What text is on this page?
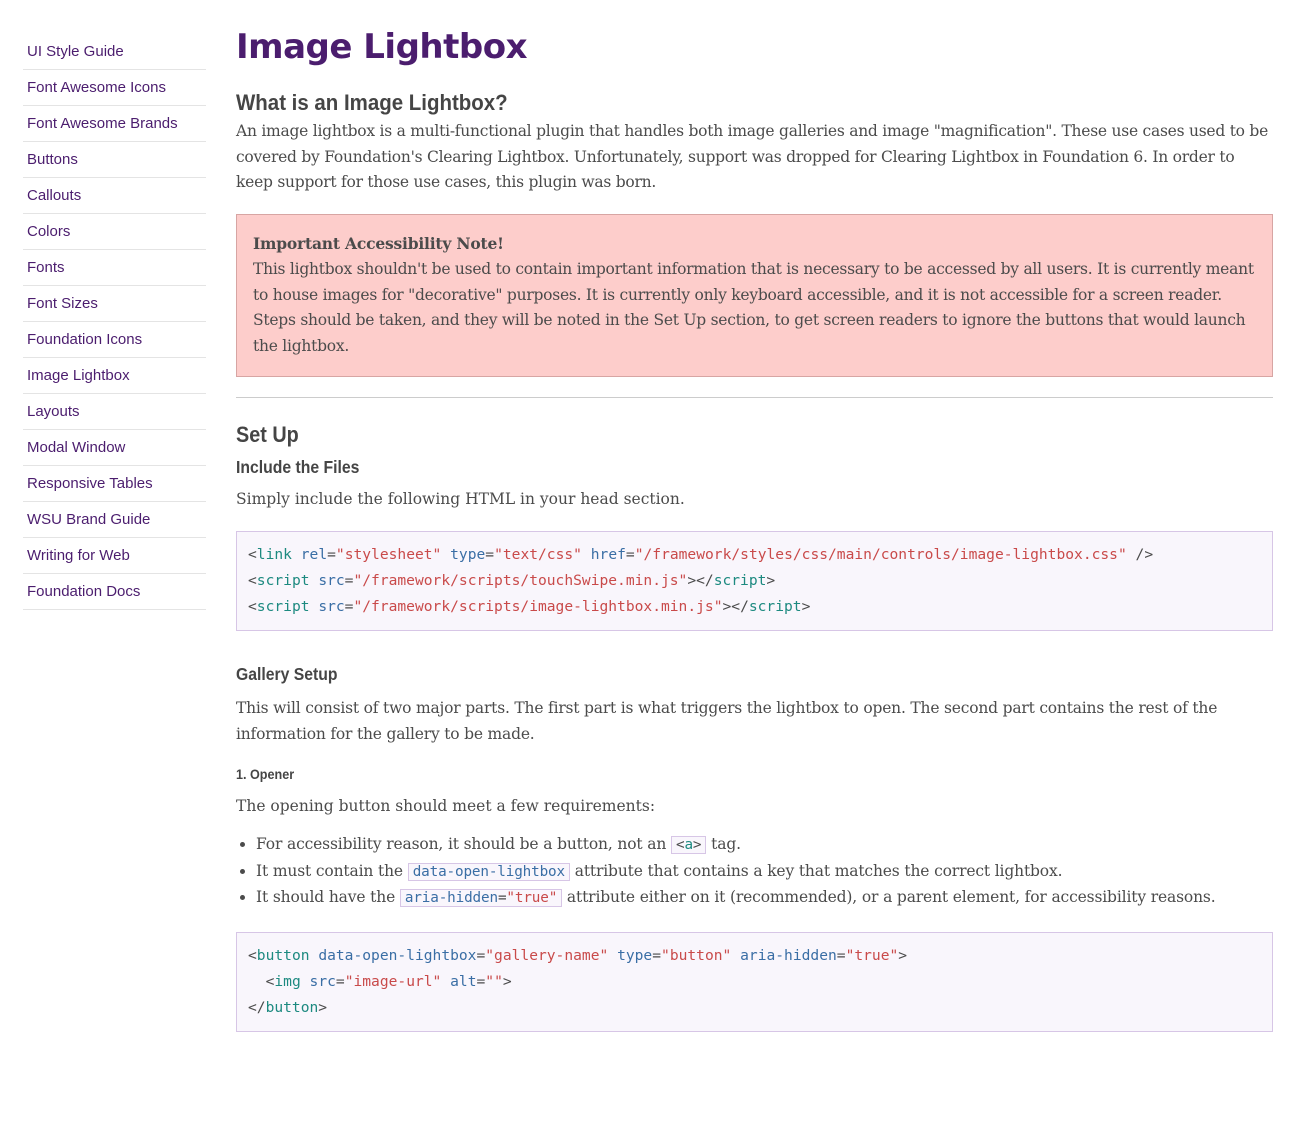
UI Style Guide
Font Awesome Icons
Font Awesome Brands
Buttons
Callouts
Colors
Fonts
Font Sizes
Foundation Icons
Image Lightbox
Layouts
Modal Window
Responsive Tables
WSU Brand Guide
Writing for Web
Foundation Docs
Image Lightbox
What is an Image Lightbox?

An image lightbox is a multi-functional plugin that handles both image galleries and image "magnification". These use cases used to be covered by Foundation's Clearing Lightbox. Unfortunately, support was dropped for Clearing Lightbox in Foundation 6. In order to keep support for those use cases, this plugin was born.

Important Accessibility Note!

This lightbox shouldn't be used to contain important information that is necessary to be accessed by all users. It is currently meant to house images for "decorative" purposes. It is currently only keyboard accessible, and it is not accessible for a screen reader. Steps should be taken, and they will be noted in the Set Up section, to get screen readers to ignore the buttons that would launch the lightbox.

Set Up
Include the Files

Simply include the following HTML in your head section.

<link rel="stylesheet" type="text/css" href="/framework/styles/css/main/controls/image-lightbox.css" />
<script src="/framework/scripts/touchSwipe.min.js"></script>
<script src="/framework/scripts/image-lightbox.min.js"></script>
Gallery Setup

This will consist of two major parts. The first part is what triggers the lightbox to open. The second part contains the rest of the information for the gallery to be made.

1. Opener

The opening button should meet a few requirements:

• For accessibility reason, it should be a button, not an <a> tag.
• It must contain the data-open-lightbox attribute that contains a key that matches the correct lightbox.
• It should have the aria-hidden="true" attribute either on it (recommended), or a parent element, for accessibility reasons.
<button data-open-lightbox="gallery-name" type="button" aria-hidden="true">
<img src="image-url" alt="">
</button>
